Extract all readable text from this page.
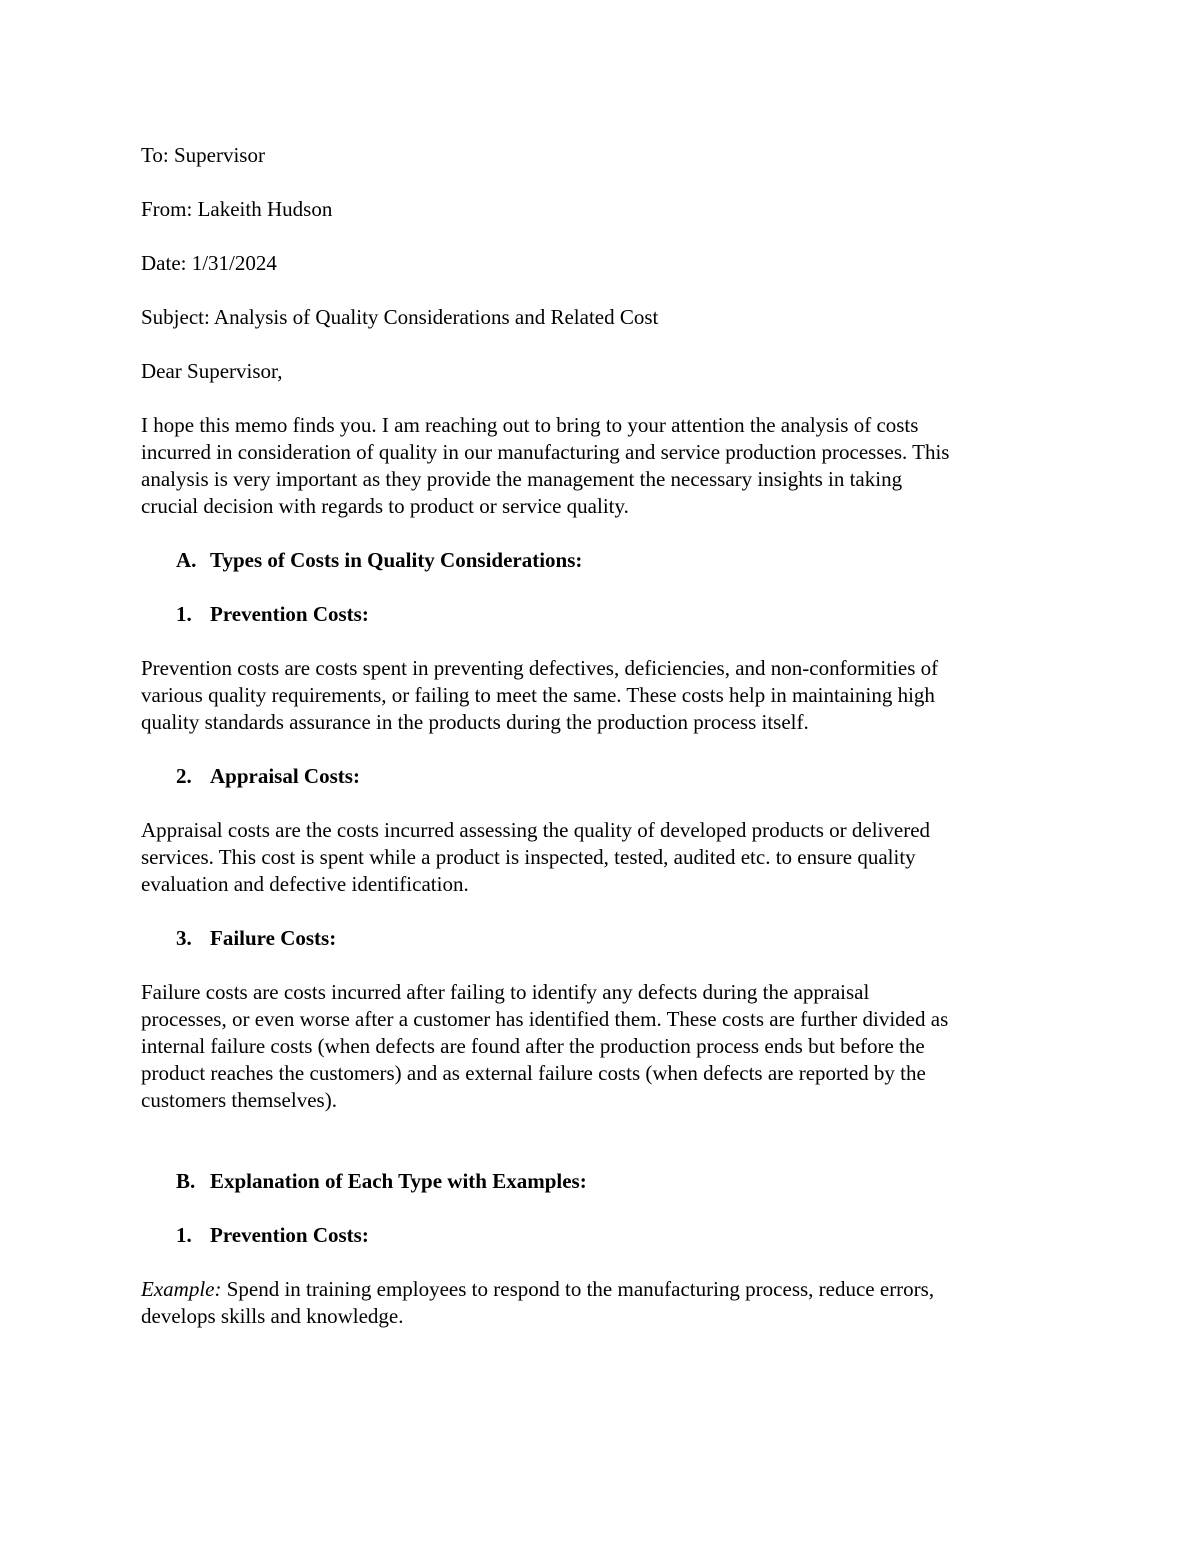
To: Supervisor
From: Lakeith Hudson
Date: 1/31/2024
Subject: Analysis of Quality Considerations and Related Cost
Dear Supervisor,
I hope this memo finds you. I am reaching out to bring to your attention the analysis of costs
incurred in consideration of quality in our manufacturing and service production processes. This
analysis is very important as they provide the management the necessary insights in taking
crucial decision with regards to product or service quality.
A. Types of Costs in Quality Considerations:
1. Prevention Costs:
Prevention costs are costs spent in preventing defectives, deficiencies, and non-conformities of
various quality requirements, or failing to meet the same. These costs help in maintaining high
quality standards assurance in the products during the production process itself.
2. Appraisal Costs:
Appraisal costs are the costs incurred assessing the quality of developed products or delivered
services. This cost is spent while a product is inspected, tested, audited etc. to ensure quality
evaluation and defective identification.
3. Failure Costs:
Failure costs are costs incurred after failing to identify any defects during the appraisal
processes, or even worse after a customer has identified them. These costs are further divided as
internal failure costs (when defects are found after the production process ends but before the
product reaches the customers) and as external failure costs (when defects are reported by the
customers themselves).
B. Explanation of Each Type with Examples:
1. Prevention Costs:
Example: Spend in training employees to respond to the manufacturing process, reduce errors,
develops skills and knowledge.
